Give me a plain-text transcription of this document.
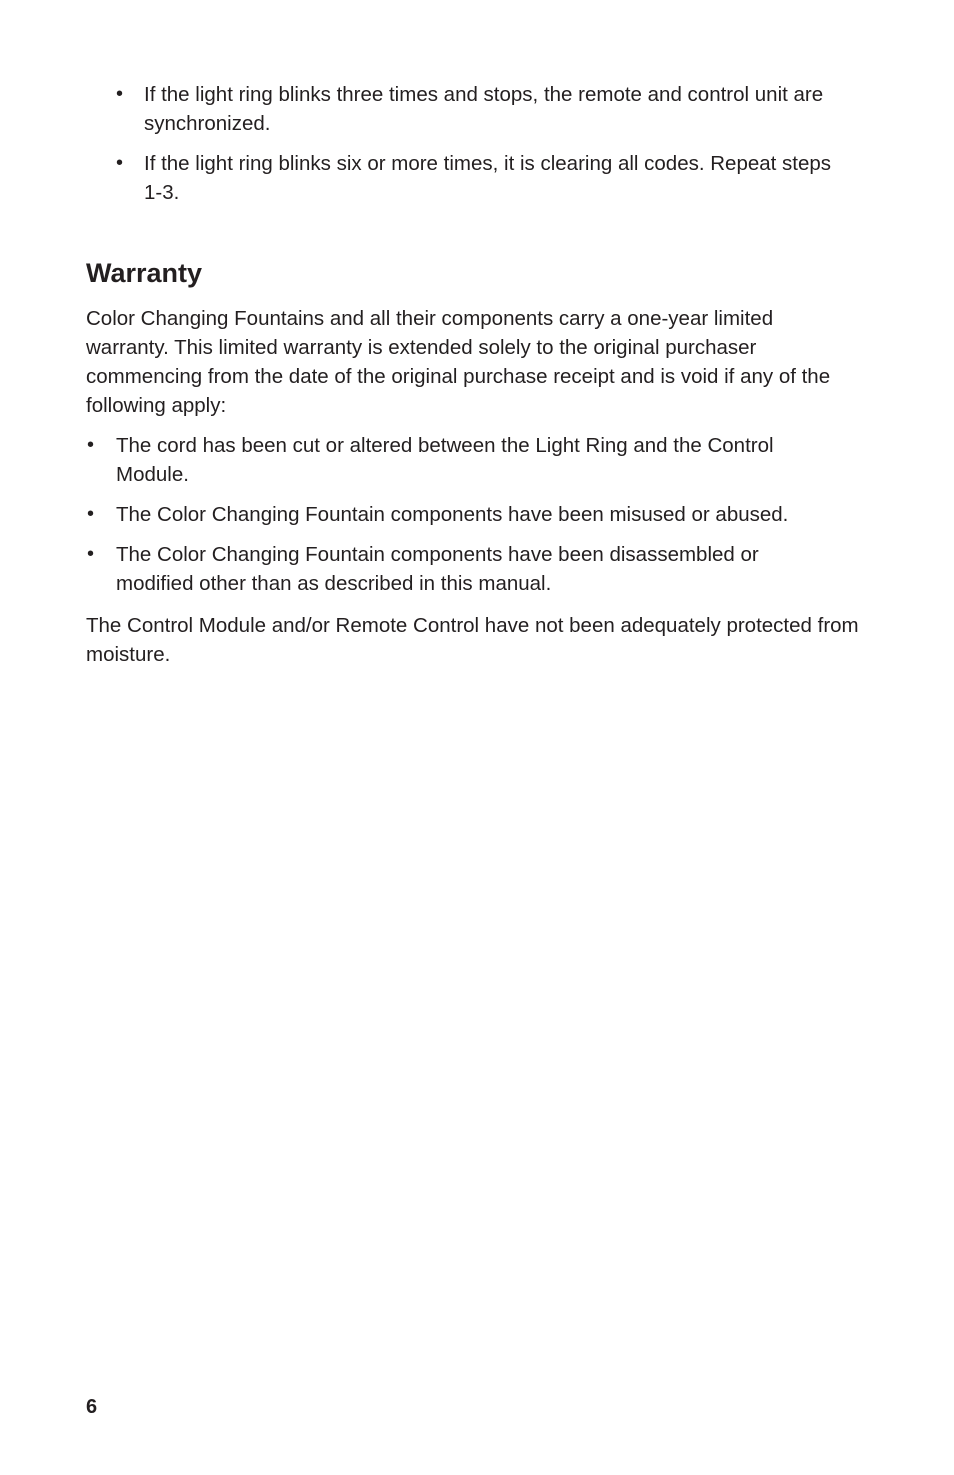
• If the light ring blinks three times and stops, the remote and control unit are synchronized.
• If the light ring blinks six or more times, it is clearing all codes. Repeat steps 1-3.
Warranty

Color Changing Fountains and all their components carry a one-year limited warranty. This limited warranty is extended solely to the original purchaser commencing from the date of the original purchase receipt and is void if any of the following apply:

• The cord has been cut or altered between the Light Ring and the Control Module.
• The Color Changing Fountain components have been misused or abused.
• The Color Changing Fountain components have been disassembled or modified other than as described in this manual.

The Control Module and/or Remote Control have not been adequately protected from moisture.

6
